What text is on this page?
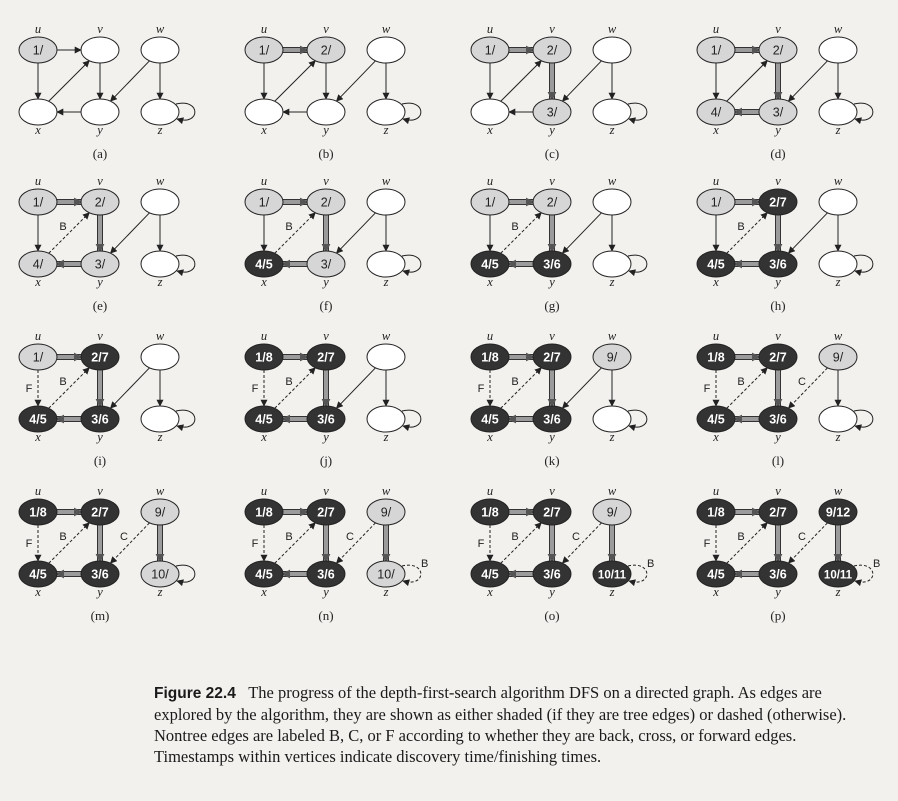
1/
u	v	w
x	y	z
(a)
1/
u
2/
v	w
x	y	z
(b)
1/
u
2/
v	w
x
3/
y	z
(c)
1/
u
2/
v	w
4/
x
3/
y	z
(d)
B
1/
u
2/
v	w
4/
x
3/
y	z
(e)
B
1/
u
2/
v	w
4/5
x
3/
y	z
(f)
B
1/
u
2/
v	w
4/5
x
3/6
y	z
(g)
B
1/
u
2/7
v	w
4/5
x
3/6
y	z
(h)
F
B
1/
u
2/7
v	w
4/5
x
3/6
y	z
(i)
F
B
1/8
u
2/7
v	w
4/5
x
3/6
y	z
(j)
F
B
1/8
u
2/7
v
9/
w
4/5
x
3/6
y	z
(k)
F
B	C
1/8
u
2/7
v
9/
w
4/5
x
3/6
y	z
(l)
F
B	C
1/8
u
2/7
v
9/
w
4/5
x
3/6
y
10/
z
(m)
F
B	C
B
1/8
u
2/7
v
9/
w
4/5
x
3/6
y
10/
z
(n)
F
B	C
B
1/8
u
2/7
v
9/
w
4/5
x
3/6
y
10/11
z
(o)
F
B	C
B
1/8
u
2/7
v
9/12
w
4/5
x
3/6
y
10/11
z
(p)

Figure 22.4 The progress of the depth-first-search algorithm DFS on a directed graph. As edges are explored by the algorithm, they are shown as either shaded (if they are tree edges) or dashed (otherwise). Nontree edges are labeled B, C, or F according to whether they are back, cross, or forward edges. Timestamps within vertices indicate discovery time/finishing times.
